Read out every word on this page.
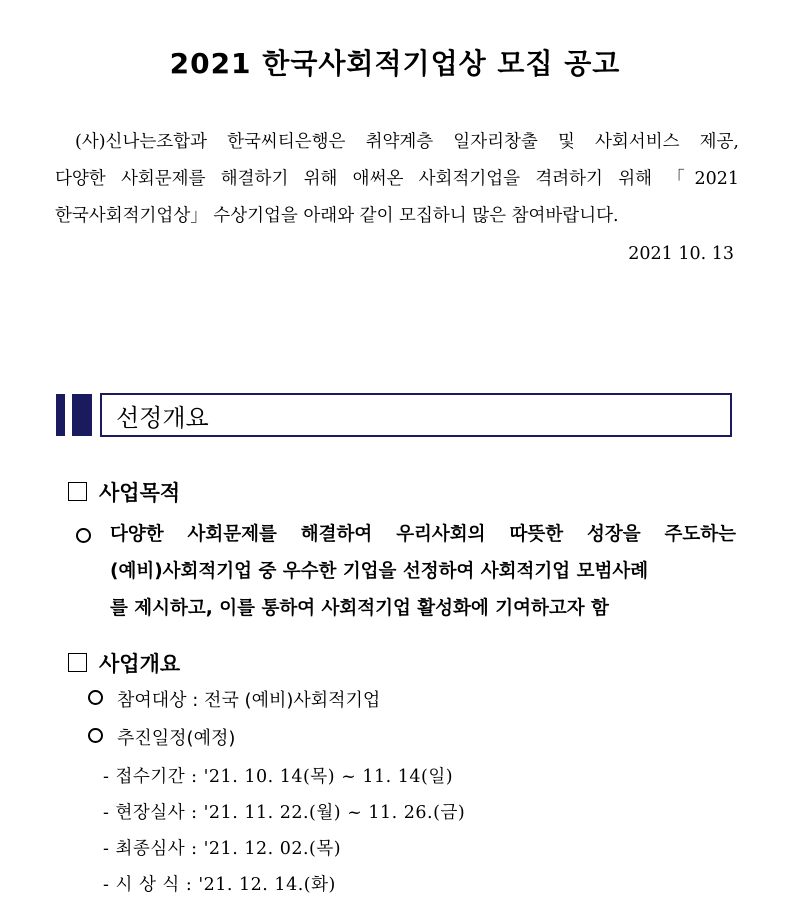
2021 한국사회적기업상 모집 공고

(사)신나는조합과 한국씨티은행은 취약계층 일자리창출 및 사회서비스 제공,

다양한 사회문제를 해결하기 위해 애써온 사회적기업을 격려하기 위해 「2021

한국사회적기업상」 수상기업을 아래와 같이 모집하니 많은 참여바랍니다.

2021 10. 13
선정개요
사업목적
다양한 사회문제를 해결하여 우리사회의 따뜻한 성장을 주도하는
(예비)사회적기업 중 우수한 기업을 선정하여 사회적기업 모범사례
를 제시하고, 이를 통하여 사회적기업 활성화에 기여하고자 함
사업개요
참여대상 : 전국 (예비)사회적기업
추진일정(예정)
- 접수기간 : '21. 10. 14(목) ~ 11. 14(일)
- 현장실사 : '21. 11. 22.(월) ~ 11. 26.(금)
- 최종심사 : '21. 12. 02.(목)
- 시 상 식 : '21. 12. 14.(화)
